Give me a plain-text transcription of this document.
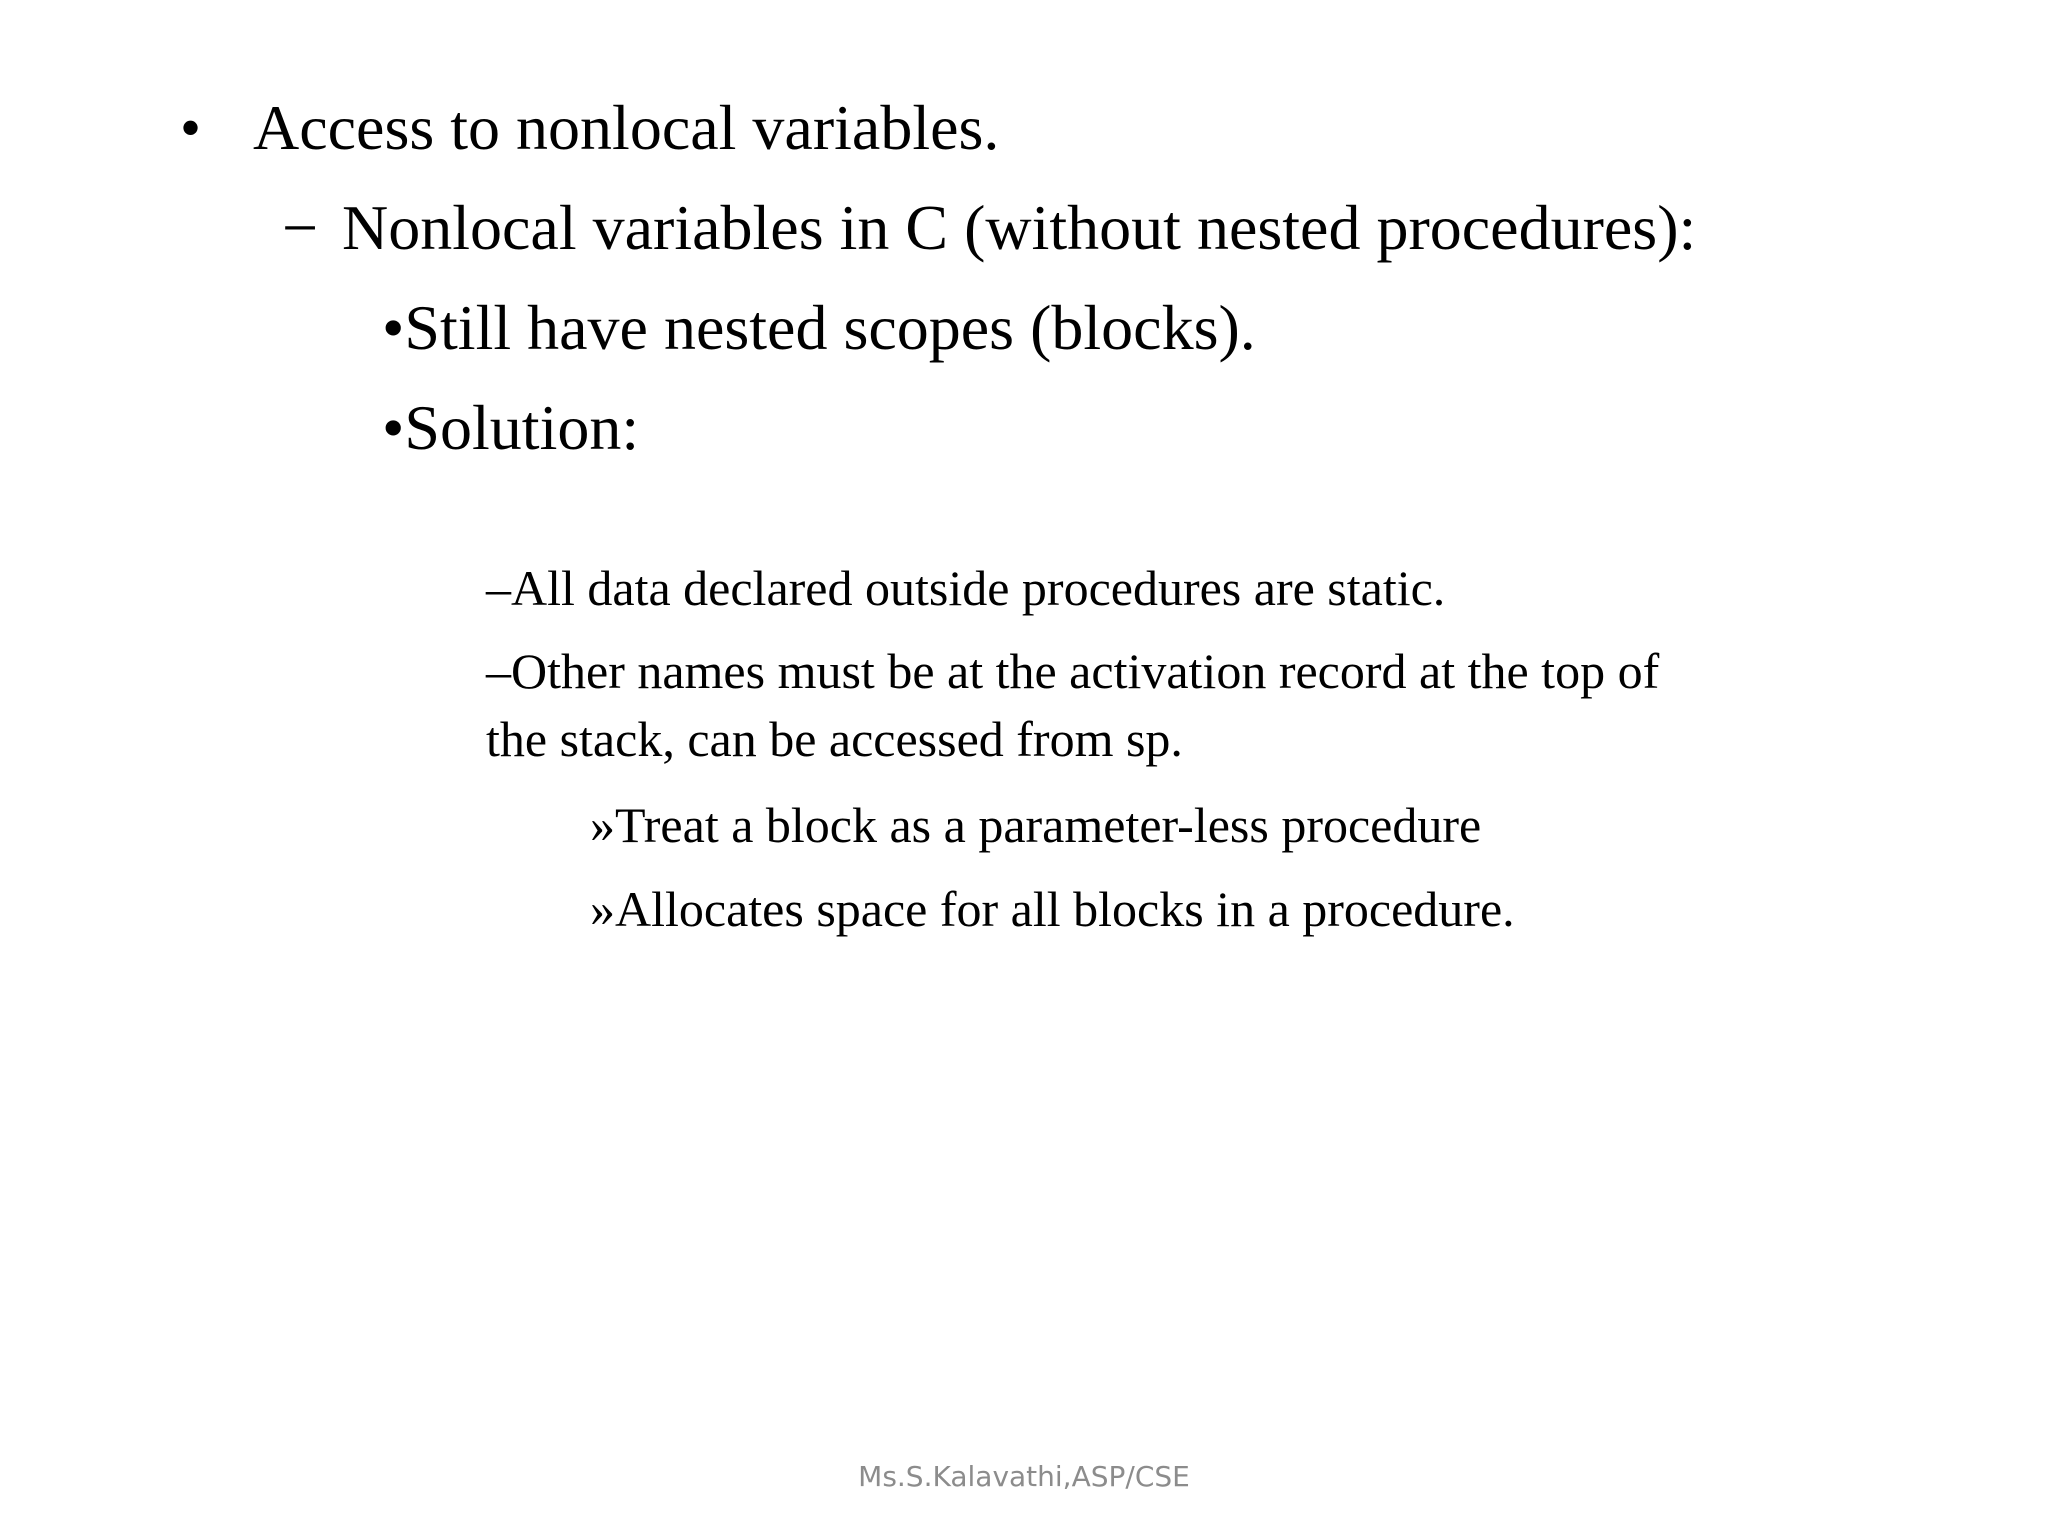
• Access to nonlocal variables.
− Nonlocal variables in C (without nested procedures):
•Still have nested scopes (blocks).
•Solution:
–All data declared outside procedures are static.
–Other names must be at the activation record at the top of
the stack, can be accessed from sp.
»Treat a block as a parameter-less procedure
»Allocates space for all blocks in a procedure.
Ms.S.Kalavathi,ASP/CSE
